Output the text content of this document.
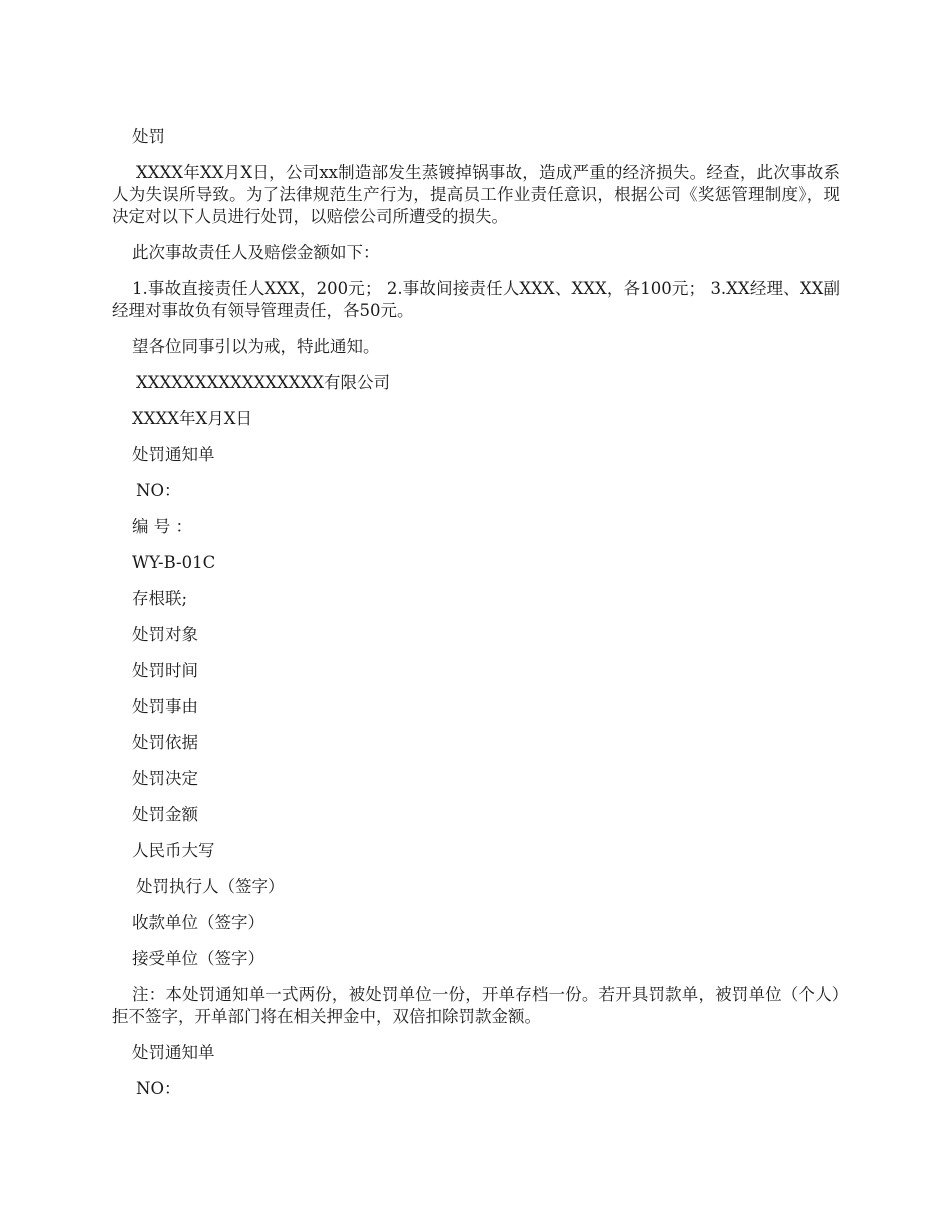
处罚

XXXX年XX月X日，公司xx制造部发生蒸镀掉锅事故，造成严重的经济损失。经查，此次事故系人为失误所导致。为了法律规范生产行为，提高员工作业责任意识，根据公司《奖惩管理制度》，现决定对以下人员进行处罚，以赔偿公司所遭受的损失。

此次事故责任人及赔偿金额如下：

1.事故直接责任人XXX，200元； 2.事故间接责任人XXX、XXX，各100元； 3.XX经理、XX副经理对事故负有领导管理责任，各50元。

望各位同事引以为戒，特此通知。

XXXXXXXXXXXXXXXX有限公司

XXXX年X月X日

处罚通知单

NO：

编 号 ：

WY-B-01C

存根联;

处罚对象

处罚时间

处罚事由

处罚依据

处罚决定

处罚金额

人民币大写

处罚执行人（签字）

收款单位（签字）

接受单位（签字）

注：本处罚通知单一式两份，被处罚单位一份，开单存档一份。若开具罚款单，被罚单位（个人）拒不签字，开单部门将在相关押金中，双倍扣除罚款金额。

处罚通知单

NO：
